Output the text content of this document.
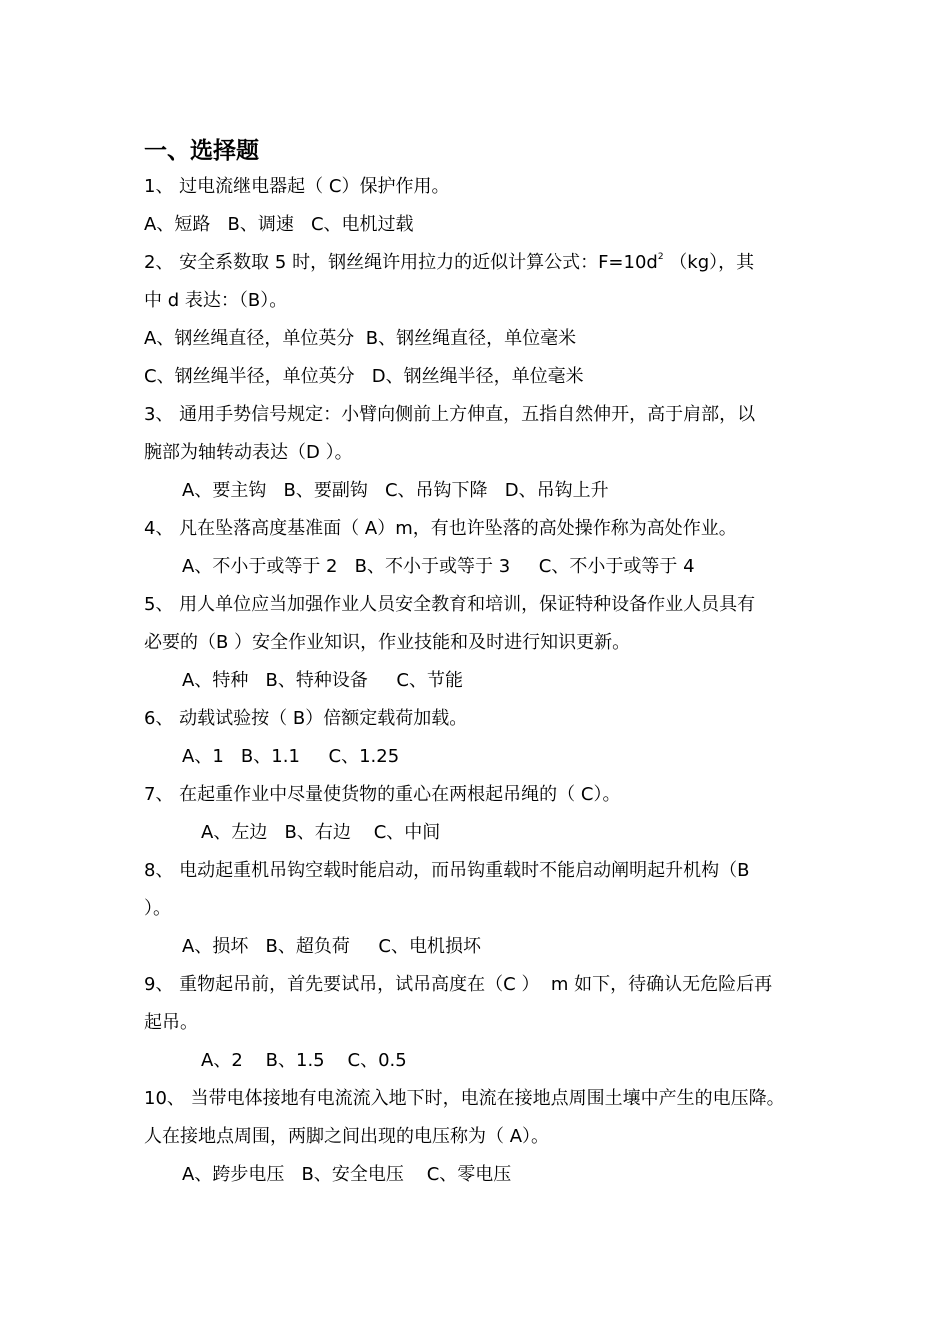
一、选择题
1、 过电流继电器起（ C）保护作用。
A、短路   B、调速   C、电机过载
2、 安全系数取 5 时，钢丝绳许用拉力的近似计算公式：$F=10d^2$ （kg），其
中 d 表达：（B）。
A、钢丝绳直径，单位英分  B、钢丝绳直径，单位毫米
C、钢丝绳半径，单位英分   D、钢丝绳半径，单位毫米
3、 通用手势信号规定：小臂向侧前上方伸直，五指自然伸开，高于肩部，以
腕部为轴转动表达（D ）。
A、要主钩   B、要副钩   C、吊钩下降   D、吊钩上升
4、 凡在坠落高度基准面（ A）m，有也许坠落的高处操作称为高处作业。
A、不小于或等于 2   B、不小于或等于 3     C、不小于或等于 4
5、 用人单位应当加强作业人员安全教育和培训，保证特种设备作业人员具有
必要的（B ）安全作业知识，作业技能和及时进行知识更新。
A、特种   B、特种设备     C、节能
6、 动载试验按（ B）倍额定载荷加载。
A、1   B、1.1     C、1.25
7、 在起重作业中尽量使货物的重心在两根起吊绳的（ C）。
A、左边   B、右边    C、中间
8、 电动起重机吊钩空载时能启动，而吊钩重载时不能启动阐明起升机构（B
）。
A、损坏   B、超负荷     C、电机损坏
9、 重物起吊前，首先要试吊，试吊高度在（C ）  m 如下，待确认无危险后再
起吊。
A、2    B、1.5    C、0.5
10、 当带电体接地有电流流入地下时，电流在接地点周围土壤中产生的电压降。
人在接地点周围，两脚之间出现的电压称为（ A）。
A、跨步电压   B、安全电压    C、零电压
